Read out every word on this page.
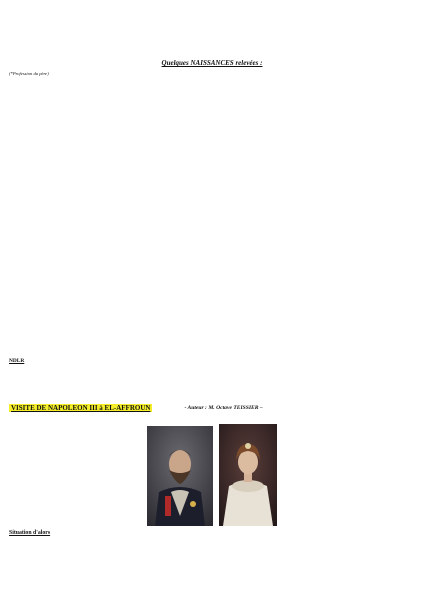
Quelques NAISSANCES relevées :
(*Profession du père)
NDLR
VISITE DE NAPOLEON III à EL-AFFROUN	- Auteur : M. Octave TEISSIER –
Situation d'alors
